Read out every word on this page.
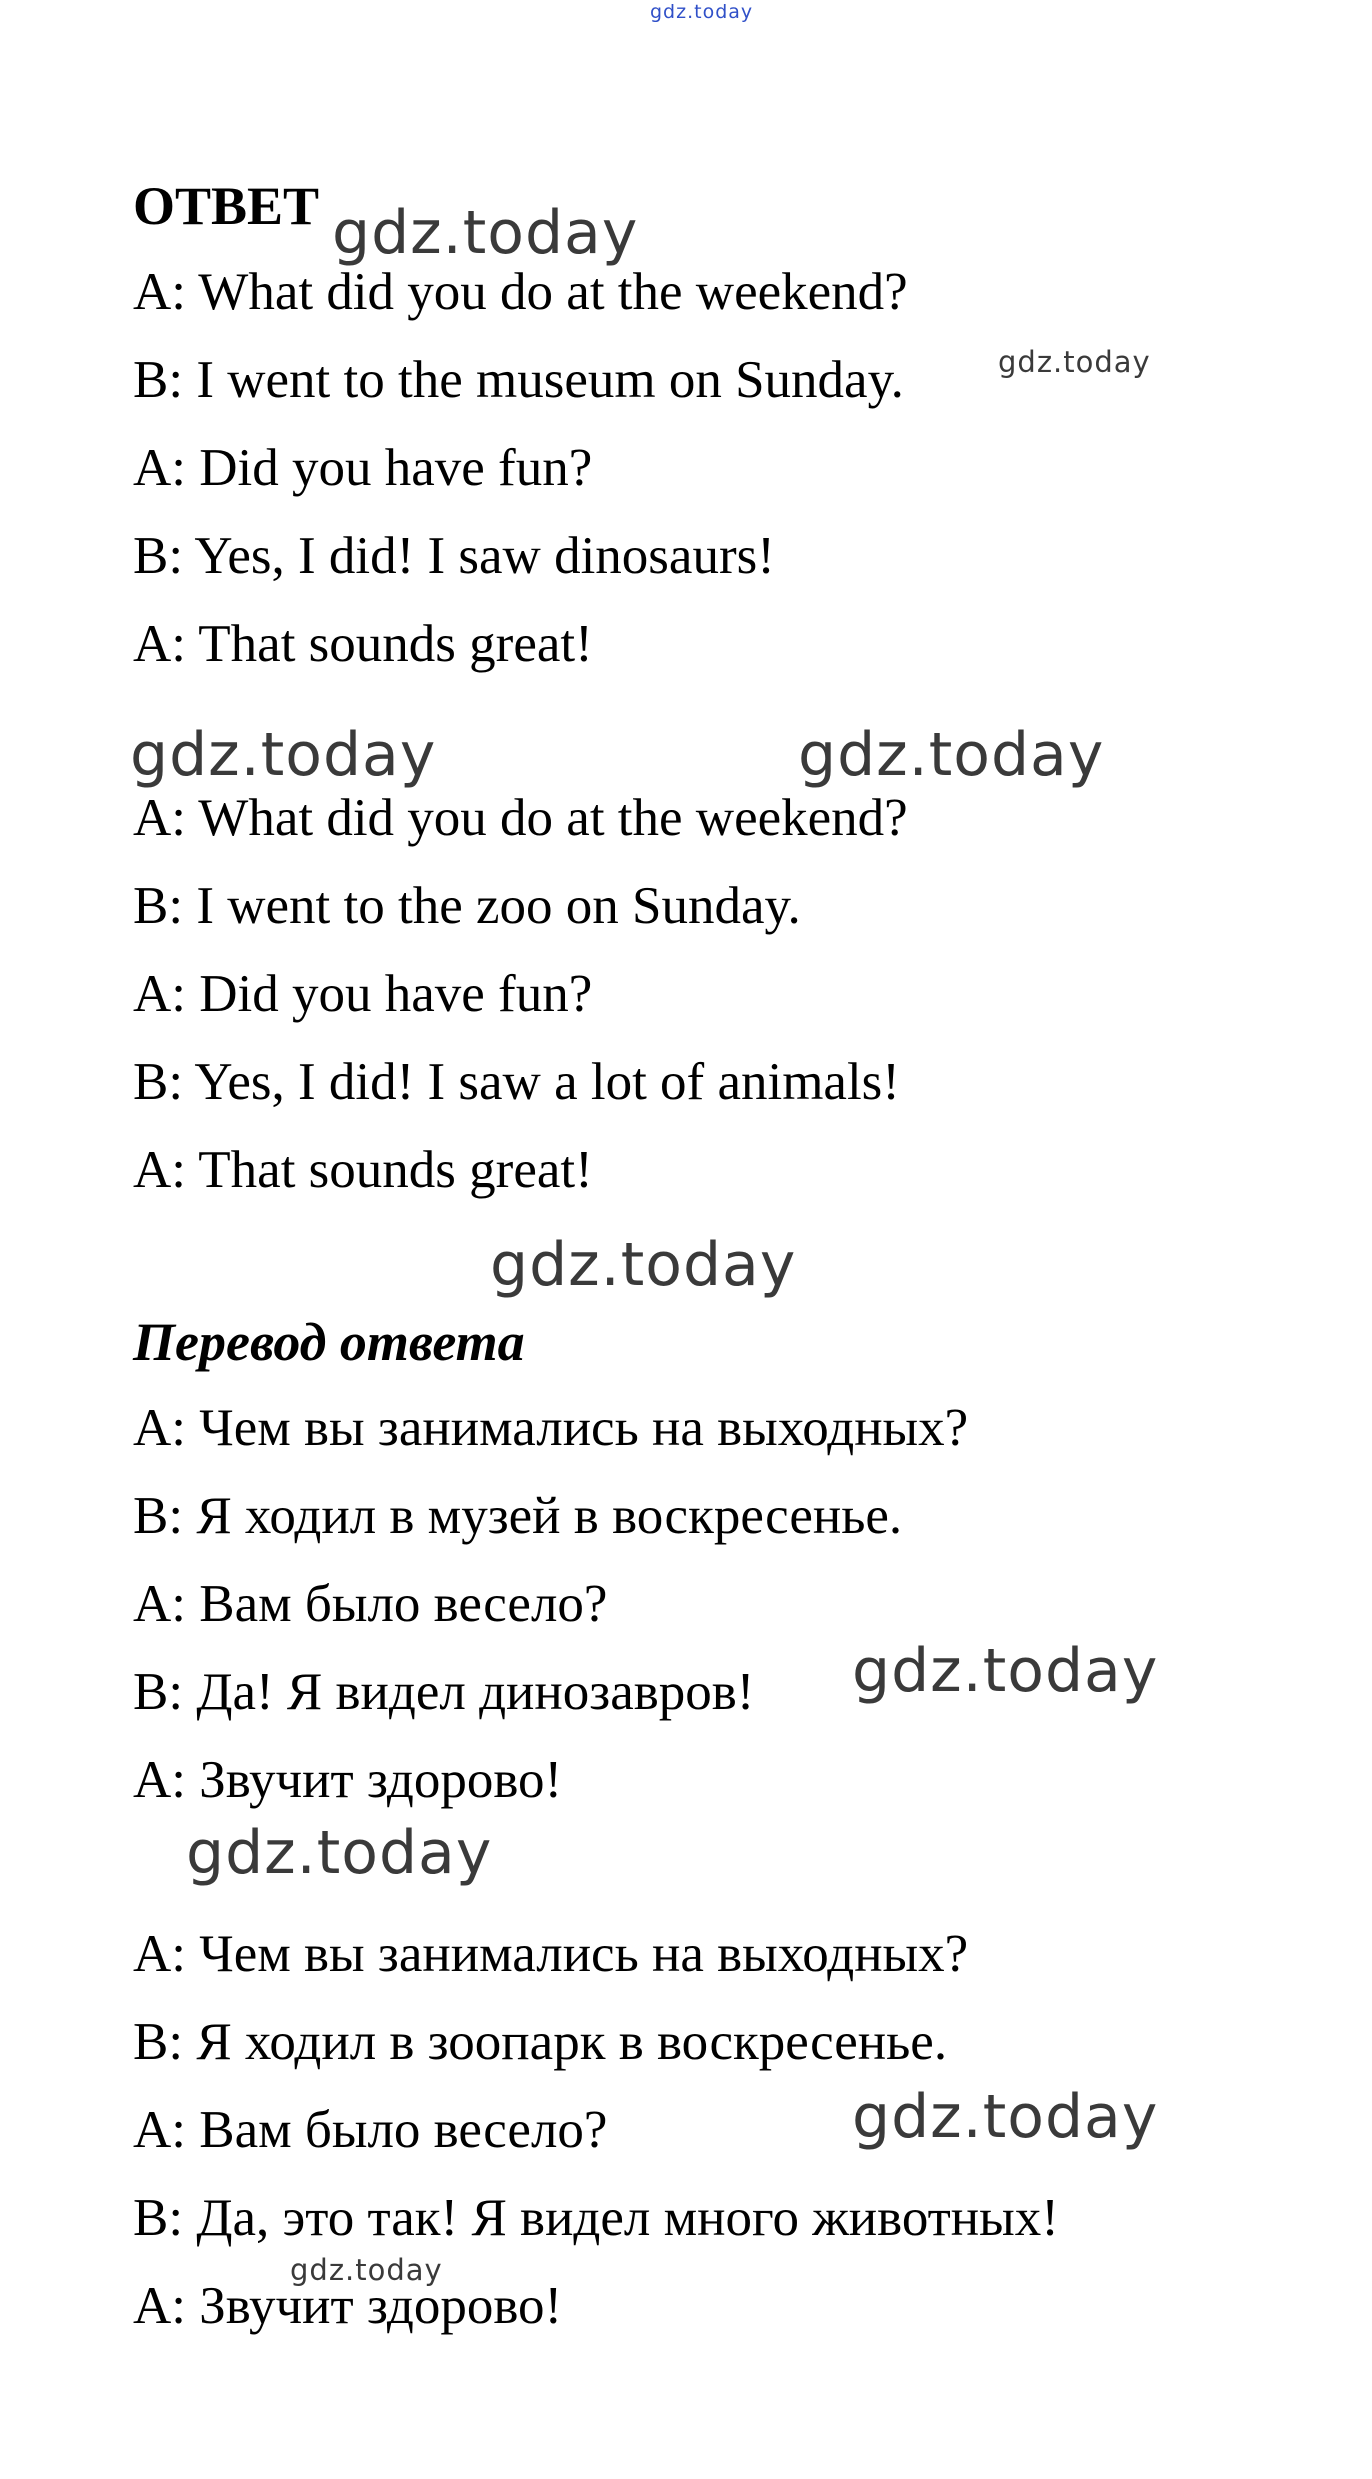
gdz.today
ОТВЕТ
A: What did you do at the weekend?
B: I went to the museum on Sunday.
A: Did you have fun?
B: Yes, I did! I saw dinosaurs!
A: That sounds great!
A: What did you do at the weekend?
B: I went to the zoo on Sunday.
A: Did you have fun?
B: Yes, I did! I saw a lot of animals!
A: That sounds great!
Перевод ответа
A: Чем вы занимались на выходных?
B: Я ходил в музей в воскресенье.
A: Вам было весело?
B: Да! Я видел динозавров!
A: Звучит здорово!
A: Чем вы занимались на выходных?
B: Я ходил в зоопарк в воскресенье.
A: Вам было весело?
B: Да, это так! Я видел много животных!
A: Звучит здорово!
gdz.today
gdz.today
gdz.today	gdz.today
gdz.today
gdz.today
gdz.today
gdz.today
gdz.today
